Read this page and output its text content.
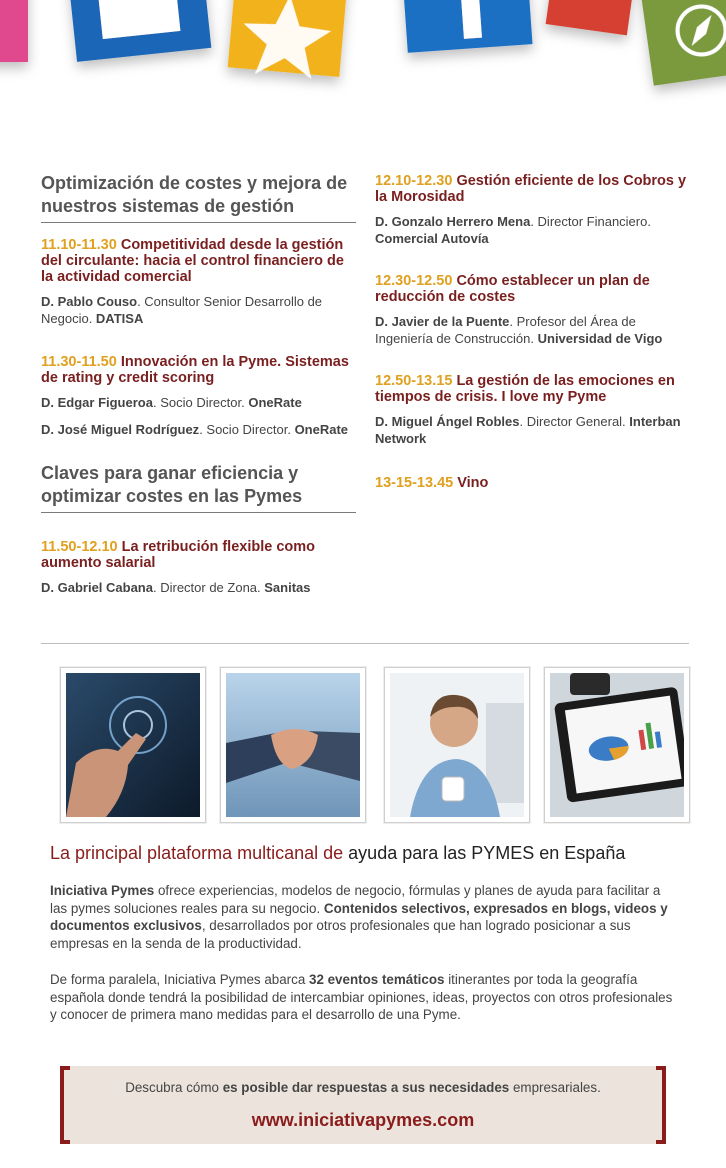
Optimización de costes y mejora de nuestros sistemas de gestión

11.10-11.30 Competitividad desde la gestión del circulante: hacia el control financiero de la actividad comercial

D. Pablo Couso. Consultor Senior Desarrollo de Negocio. DATISA

11.30-11.50 Innovación en la Pyme. Sistemas de rating y credit scoring

D. Edgar Figueroa. Socio Director. OneRate

D. José Miguel Rodríguez. Socio Director. OneRate

Claves para ganar eficiencia y optimizar costes en las Pymes

11.50-12.10 La retribución flexible como aumento salarial

D. Gabriel Cabana. Director de Zona. Sanitas

12.10-12.30 Gestión eficiente de los Cobros y la Morosidad

D. Gonzalo Herrero Mena. Director Financiero. Comercial Autovía

12.30-12.50 Cómo establecer un plan de reducción de costes

D. Javier de la Puente. Profesor del Área de Ingeniería de Construcción. Universidad de Vigo

12.50-13.15 La gestión de las emociones en tiempos de crisis. I love my Pyme

D. Miguel Ángel Robles. Director General. Interban Network

13-15-13.45 Vino

La principal plataforma multicanal de ayuda para las PYMES en España

Iniciativa Pymes ofrece experiencias, modelos de negocio, fórmulas y planes de ayuda para facilitar a las pymes soluciones reales para su negocio. Contenidos selectivos, expresados en blogs, videos y documentos exclusivos, desarrollados por otros profesionales que han logrado posicionar a sus empresas en la senda de la productividad.

De forma paralela, Iniciativa Pymes abarca 32 eventos temáticos itinerantes por toda la geografía española donde tendrá la posibilidad de intercambiar opiniones, ideas, proyectos con otros profesionales y conocer de primera mano medidas para el desarrollo de una Pyme.

Descubra cómo es posible dar respuestas a sus necesidades empresariales.
www.iniciativapymes.com
